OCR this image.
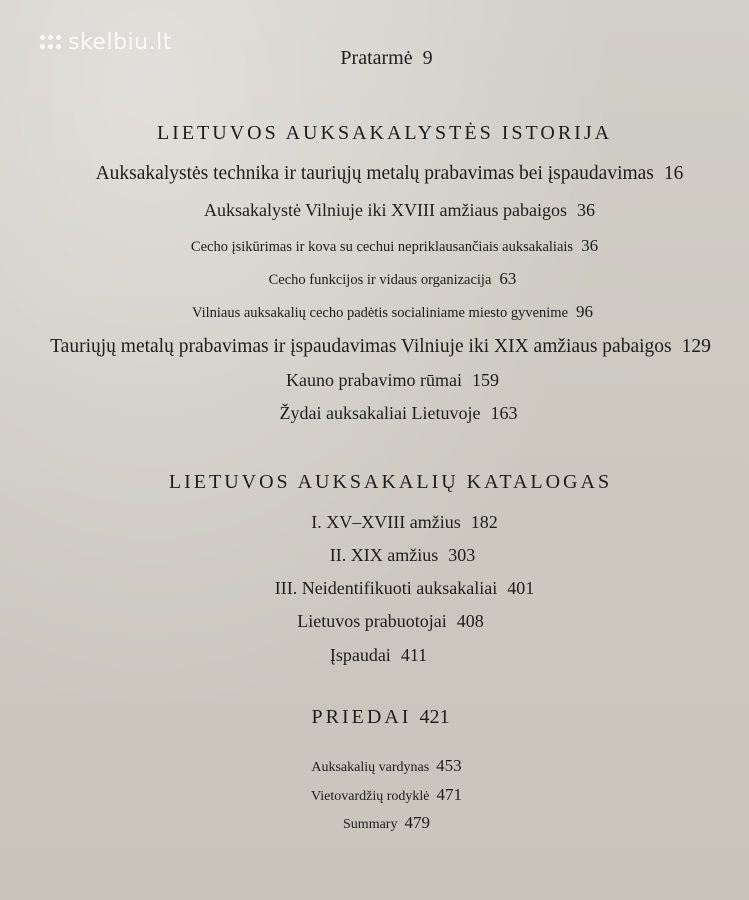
skelbiu.lt
Pratarmė 9
LIETUVOS AUKSAKALYSTĖS ISTORIJA
Auksakalystės technika ir tauriųjų metalų prabavimas bei įspaudavimas 16
Auksakalystė Vilniuje iki XVIII amžiaus pabaigos 36
Cecho įsikūrimas ir kova su cechui nepriklausančiais auksakaliais 36
Cecho funkcijos ir vidaus organizacija 63
Vilniaus auksakalių cecho padėtis socialiniame miesto gyvenime 96
Tauriųjų metalų prabavimas ir įspaudavimas Vilniuje iki XIX amžiaus pabaigos 129
Kauno prabavimo rūmai 159
Žydai auksakaliai Lietuvoje 163
LIETUVOS AUKSAKALIŲ KATALOGAS
I. XV–XVIII amžius 182
II. XIX amžius 303
III. Neidentifikuoti auksakaliai 401
Lietuvos prabuotojai 408
Įspaudai 411
PRIEDAI 421
Auksakalių vardynas 453
Vietovardžių rodyklė 471
Summary 479
